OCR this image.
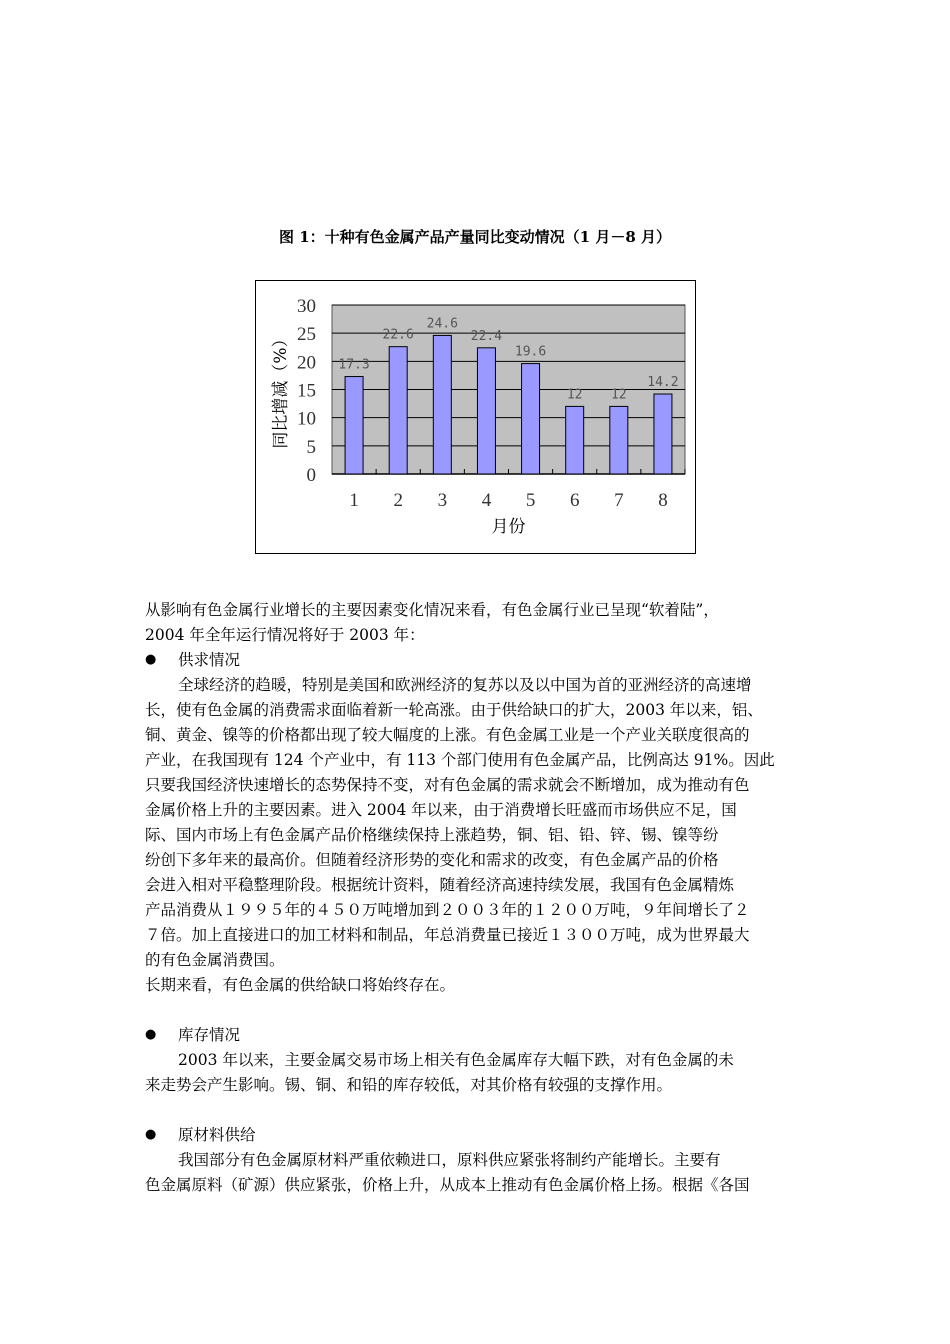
图 1：十种有色金属产品产量同比变动情况（1 月－8 月）
0
5
10
15
20
25
30
17.3
1
22.6
2
24.6
3
22.4
4
19.6
5
12
6
12
7
14.2
8
月份
同比增减（%）
从影响有色金属行业增长的主要因素变化情况来看，有色金属行业已呈现“软着陆”，
2004 年全年运行情况将好于 2003 年：
● 供求情况
全球经济的趋暖，特别是美国和欧洲经济的复苏以及以中国为首的亚洲经济的高速增
长，使有色金属的消费需求面临着新一轮高涨。由于供给缺口的扩大，2003 年以来，铝、
铜、黄金、镍等的价格都出现了较大幅度的上涨。有色金属工业是一个产业关联度很高的
产业，在我国现有 124 个产业中，有 113 个部门使用有色金属产品，比例高达 91%。因此
只要我国经济快速增长的态势保持不变，对有色金属的需求就会不断增加，成为推动有色
金属价格上升的主要因素。进入 2004 年以来，由于消费增长旺盛而市场供应不足，国
际、国内市场上有色金属产品价格继续保持上涨趋势，铜、铝、铅、锌、锡、镍等纷
纷创下多年来的最高价。但随着经济形势的变化和需求的改变，有色金属产品的价格
会进入相对平稳整理阶段。根据统计资料，随着经济高速持续发展，我国有色金属精炼
产品消费从１９９５年的４５０万吨增加到２００３年的１２００万吨，９年间增长了２
７倍。加上直接进口的加工材料和制品，年总消费量已接近１３００万吨，成为世界最大
的有色金属消费国。
长期来看，有色金属的供给缺口将始终存在。
● 库存情况
2003 年以来，主要金属交易市场上相关有色金属库存大幅下跌，对有色金属的未
来走势会产生影响。锡、铜、和铅的库存较低，对其价格有较强的支撑作用。
● 原材料供给
我国部分有色金属原材料严重依赖进口，原料供应紧张将制约产能增长。主要有
色金属原料（矿源）供应紧张，价格上升，从成本上推动有色金属价格上扬。根据《各国
